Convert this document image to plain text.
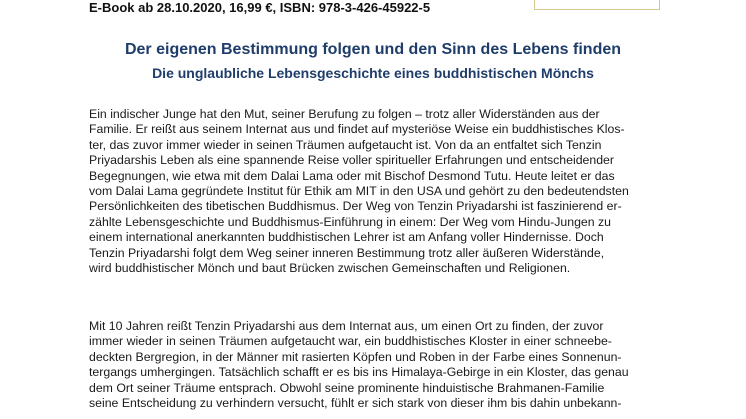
E-Book ab 28.10.2020, 16,99 €, ISBN: 978-3-426-45922-5
Der eigenen Bestimmung folgen und den Sinn des Lebens finden
Die unglaubliche Lebensgeschichte eines buddhistischen Mönchs
Ein indischer Junge hat den Mut, seiner Berufung zu folgen – trotz aller Widerständen aus der
Familie. Er reißt aus seinem Internat aus und findet auf mysteriöse Weise ein buddhistisches Klos-
ter, das zuvor immer wieder in seinen Träumen aufgetaucht ist. Von da an entfaltet sich Tenzin
Priyadarshis Leben als eine spannende Reise voller spiritueller Erfahrungen und entscheidender
Begegnungen, wie etwa mit dem Dalai Lama oder mit Bischof Desmond Tutu. Heute leitet er das
vom Dalai Lama gegründete Institut für Ethik am MIT in den USA und gehört zu den bedeutendsten
Persönlichkeiten des tibetischen Buddhismus. Der Weg von Tenzin Priyadarshi ist faszinierend er-
zählte Lebensgeschichte und Buddhismus-Einführung in einem: Der Weg vom Hindu-Jungen zu
einem international anerkannten buddhistischen Lehrer ist am Anfang voller Hindernisse. Doch
Tenzin Priyadarshi folgt dem Weg seiner inneren Bestimmung trotz aller äußeren Widerstände,
wird buddhistischer Mönch und baut Brücken zwischen Gemeinschaften und Religionen.
Mit 10 Jahren reißt Tenzin Priyadarshi aus dem Internat aus, um einen Ort zu finden, der zuvor
immer wieder in seinen Träumen aufgetaucht war, ein buddhistisches Kloster in einer schneebe-
deckten Bergregion, in der Männer mit rasierten Köpfen und Roben in der Farbe eines Sonnenun-
tergangs umhergingen. Tatsächlich schafft er es bis ins Himalaya-Gebirge in ein Kloster, das genau
dem Ort seiner Träume entsprach. Obwohl seine prominente hinduistische Brahmanen-Familie
seine Entscheidung zu verhindern versucht, fühlt er sich stark von dieser ihm bis dahin unbekann-
